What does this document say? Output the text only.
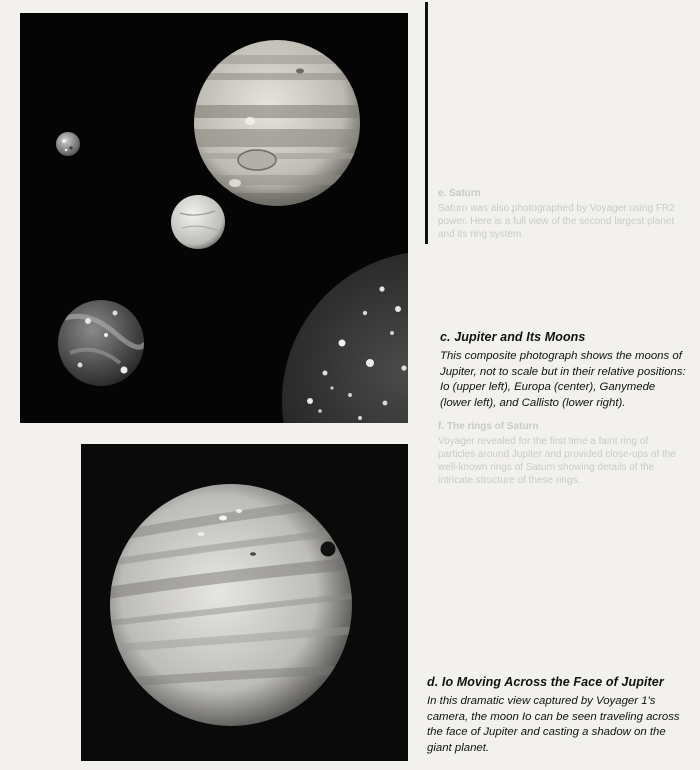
e. Saturn
Saturn was also photographed by Voyager using FR2 power. Here is a full view of the second largest planet and its ring system.
f. The rings of Saturn
Voyager revealed for the first time a faint ring of particles around Jupiter and provided close-ups of the well-known rings of Saturn showing details of the intricate structure of these rings.
c. Jupiter and Its Moons
This composite photograph shows the moons of Jupiter, not to scale but in their relative positions: Io (upper left), Europa (center), Ganymede (lower left), and Callisto (lower right).
d. Io Moving Across the Face of Jupiter
In this dramatic view captured by Voyager 1's camera, the moon Io can be seen traveling across the face of Jupiter and casting a shadow on the giant planet.
